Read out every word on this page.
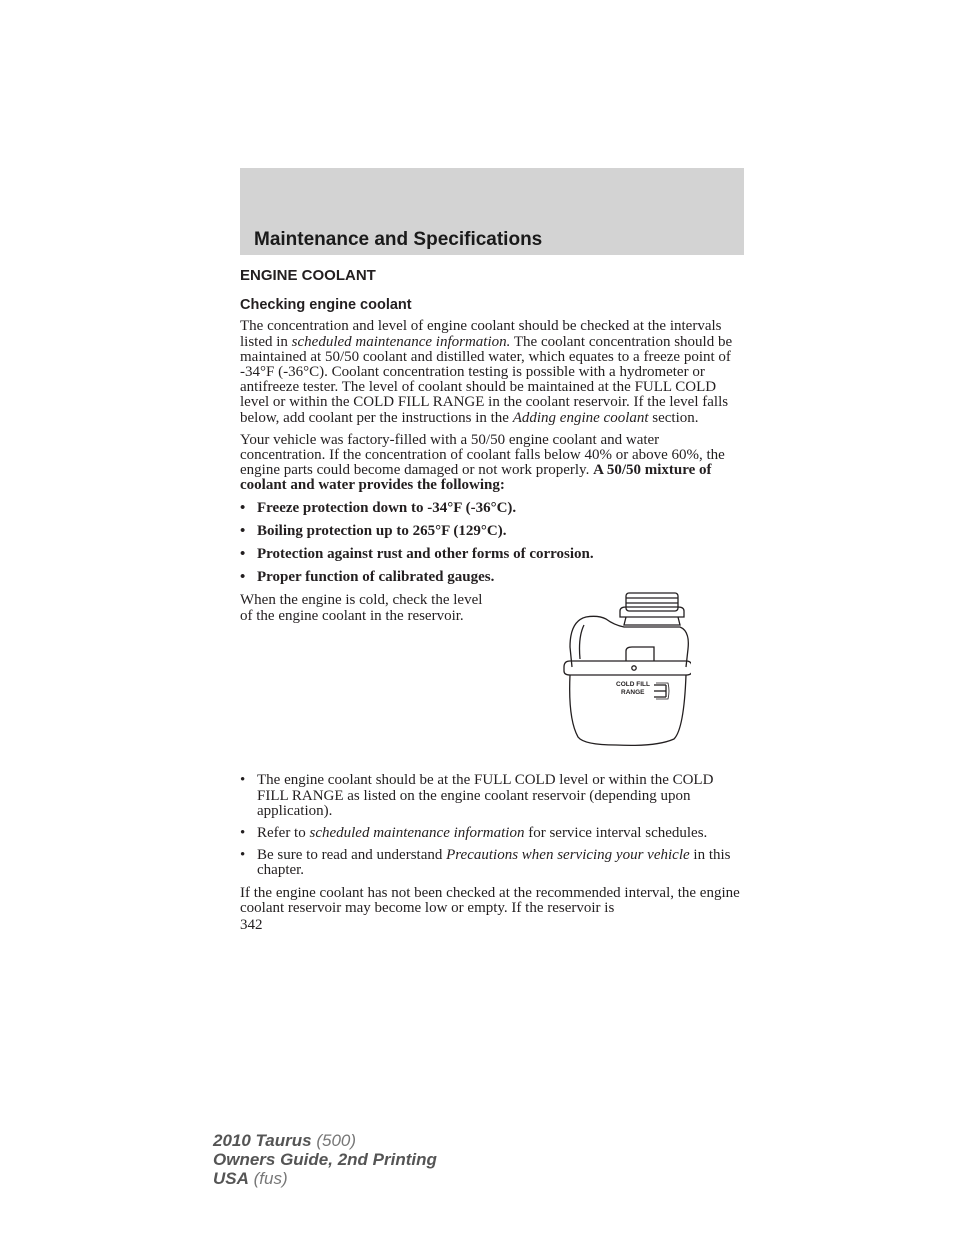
Maintenance and Specifications
ENGINE COOLANT
Checking engine coolant

The concentration and level of engine coolant should be checked at the intervals listed in scheduled maintenance information. The coolant concentration should be maintained at 50/50 coolant and distilled water, which equates to a freeze point of -34°F (-36°C). Coolant concentration testing is possible with a hydrometer or antifreeze tester. The level of coolant should be maintained at the FULL COLD level or within the COLD FILL RANGE in the coolant reservoir. If the level falls below, add coolant per the instructions in the Adding engine coolant section.

Your vehicle was factory-filled with a 50/50 engine coolant and water concentration. If the concentration of coolant falls below 40% or above 60%, the engine parts could become damaged or not work properly. A 50/50 mixture of coolant and water provides the following:

• Freeze protection down to -34°F (-36°C).
• Boiling protection up to 265°F (129°C).
• Protection against rust and other forms of corrosion.
• Proper function of calibrated gauges.
When the engine is cold, check the level of the engine coolant in the reservoir.
COLD FILL
RANGE
• The engine coolant should be at the FULL COLD level or within the COLD FILL RANGE as listed on the engine coolant reservoir (depending upon application).
• Refer to scheduled maintenance information for service interval schedules.
• Be sure to read and understand Precautions when servicing your vehicle in this chapter.

If the engine coolant has not been checked at the recommended interval, the engine coolant reservoir may become low or empty. If the reservoir is

342
2010 Taurus (500)
Owners Guide, 2nd Printing
USA (fus)
